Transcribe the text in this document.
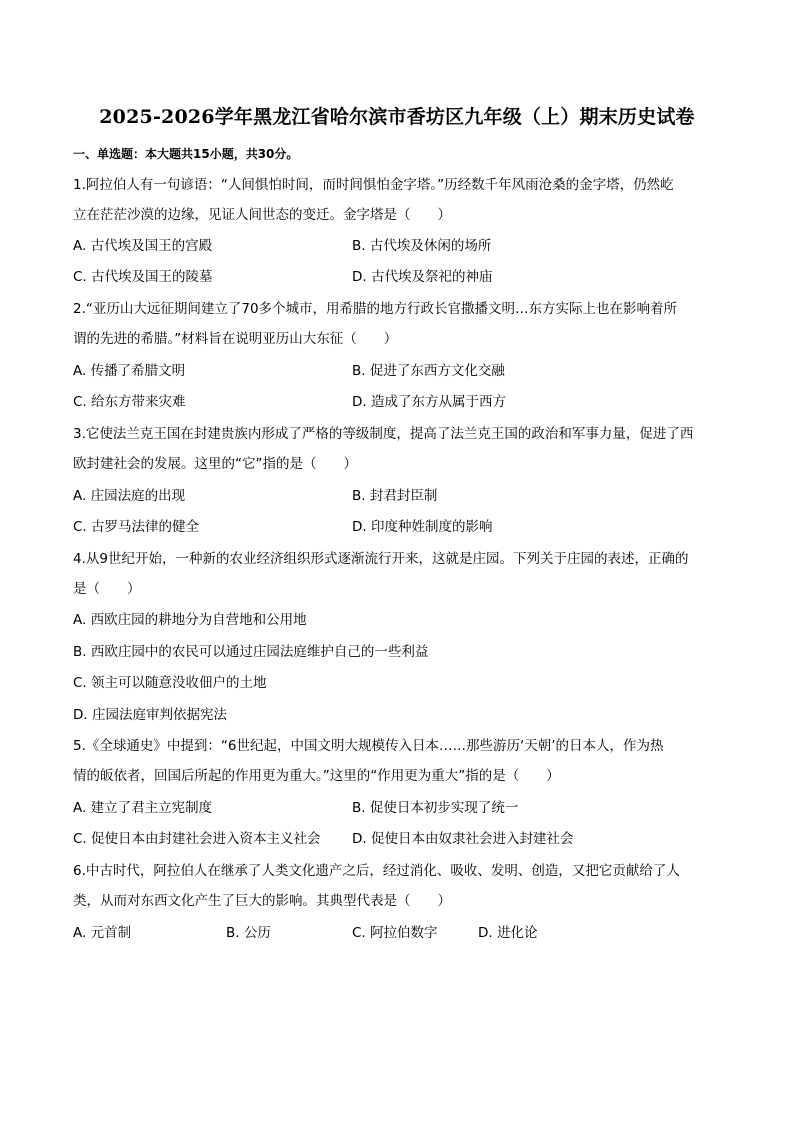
2025-2026学年黑龙江省哈尔滨市香坊区九年级（上）期末历史试卷
一、单选题：本大题共15小题，共30分。
1.阿拉伯人有一句谚语：“人间惧怕时间，而时间惧怕金字塔。”历经数千年风雨沧桑的金字塔，仍然屹
立在茫茫沙漠的边缘，见证人间世态的变迁。金字塔是（　　）
A. 古代埃及国王的宫殿	B. 古代埃及休闲的场所
C. 古代埃及国王的陵墓	D. 古代埃及祭祀的神庙
2.“亚历山大远征期间建立了70多个城市，用希腊的地方行政长官撒播文明…东方实际上也在影响着所
谓的先进的希腊。”材料旨在说明亚历山大东征（　　）
A. 传播了希腊文明	B. 促进了东西方文化交融
C. 给东方带来灾难	D. 造成了东方从属于西方
3.它使法兰克王国在封建贵族内形成了严格的等级制度，提高了法兰克王国的政治和军事力量，促进了西
欧封建社会的发展。这里的“它”指的是（　　）
A. 庄园法庭的出现	B. 封君封臣制
C. 古罗马法律的健全	D. 印度种姓制度的影响
4.从9世纪开始，一种新的农业经济组织形式逐渐流行开来，这就是庄园。下列关于庄园的表述，正确的
是（　　）
A. 西欧庄园的耕地分为自营地和公用地
B. 西欧庄园中的农民可以通过庄园法庭维护自己的一些利益
C. 领主可以随意没收佃户的土地
D. 庄园法庭审判依据宪法
5.《全球通史》中提到：“6世纪起，中国文明大规模传入日本……那些游历‘天朝’的日本人，作为热
情的皈依者，回国后所起的作用更为重大。”这里的“作用更为重大”指的是（　　）
A. 建立了君主立宪制度	B. 促使日本初步实现了统一
C. 促使日本由封建社会进入资本主义社会 D. 促使日本由奴隶社会进入封建社会
6.中古时代，阿拉伯人在继承了人类文化遗产之后，经过消化、吸收、发明、创造，又把它贡献给了人
类，从而对东西文化产生了巨大的影响。其典型代表是（　　）
A. 元首制	B. 公历	C. 阿拉伯数字	D. 进化论
